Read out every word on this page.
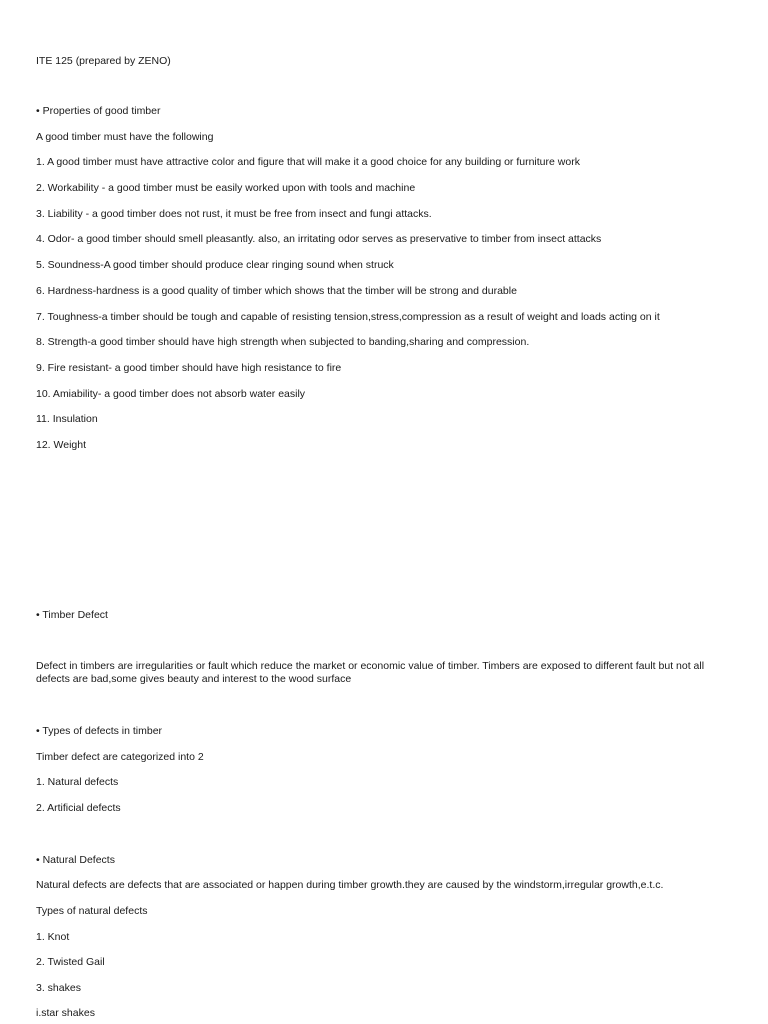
ITE 125 (prepared by ZENO)
• Properties of good timber
A good timber must have the following
1. A good timber must have attractive color and figure that will make it a good choice for any building or furniture work
2. Workability - a good timber must be easily worked upon with tools and machine
3. Liability - a good timber does not rust, it must be free from insect and fungi attacks.
4. Odor- a good timber should smell pleasantly. also, an irritating odor serves as preservative to timber from insect attacks
5. Soundness-A good timber should produce clear ringing sound when struck
6. Hardness-hardness is a good quality of timber which shows that the timber will be strong and durable
7. Toughness-a timber should be tough and capable of resisting tension,stress,compression as a result of weight and loads acting on it
8. Strength-a good timber should have high strength when subjected to banding,sharing and compression.
9. Fire resistant- a good timber should have high resistance to fire
10. Amiability- a good timber does not absorb water easily
11. Insulation
12. Weight
• Timber Defect
Defect in timbers are irregularities or fault which reduce the market or economic value of timber. Timbers are exposed to different fault but not all defects are bad,some gives beauty and interest to the wood surface
• Types of defects in timber
Timber defect are categorized into 2
1. Natural defects
2. Artificial defects
• Natural Defects
Natural defects are defects that are associated or happen during timber growth.they are caused by the windstorm,irregular growth,e.t.c.
Types of natural defects
1. Knot
2. Twisted Gail
3. shakes
i.star shakes
